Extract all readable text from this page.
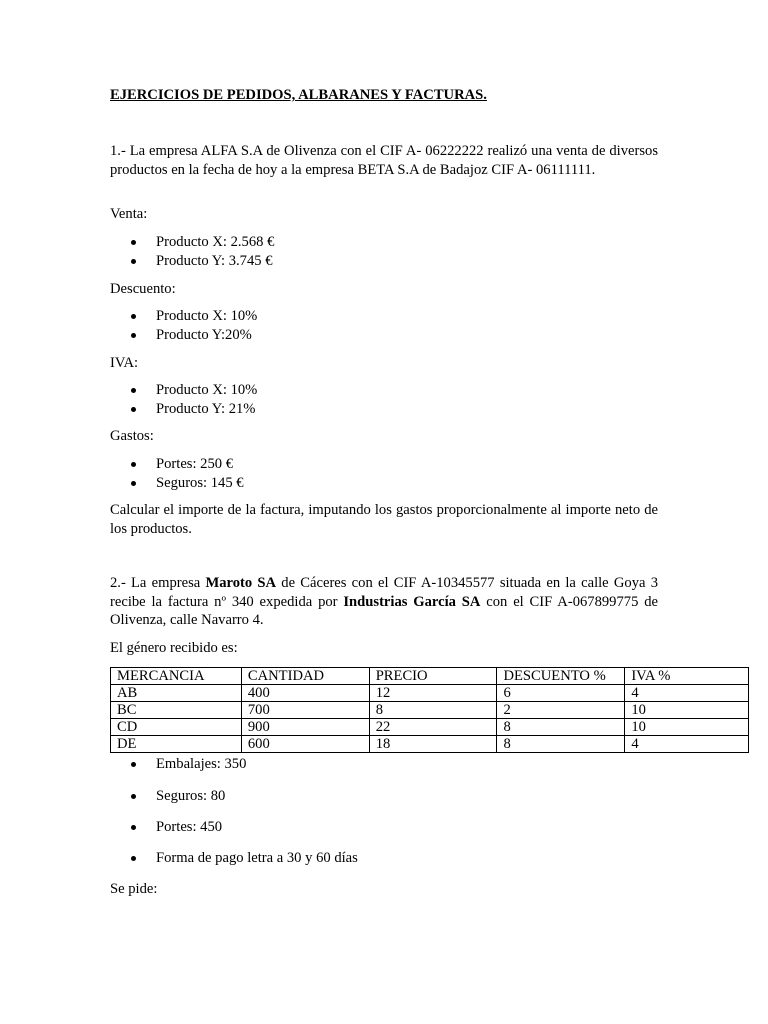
EJERCICIOS DE PEDIDOS, ALBARANES Y FACTURAS.

1.- La empresa ALFA S.A de Olivenza con el CIF A- 06222222 realizó una venta de diversos productos en la fecha de hoy a la empresa BETA S.A de Badajoz CIF A- 06111111.

Venta:
Producto X: 2.568 €
Producto Y: 3.745 €
Descuento:
Producto X: 10%
Producto Y:20%
IVA:
Producto X: 10%
Producto Y: 21%
Gastos:
Portes: 250 €
Seguros: 145 €

Calcular el importe de la factura, imputando los gastos proporcionalmente al importe neto de los productos.

2.- La empresa Maroto SA de Cáceres con el CIF A-10345577 situada en la calle Goya 3 recibe la factura nº 340 expedida por Industrias García SA con el CIF A-067899775 de Olivenza, calle Navarro 4.

El género recibido es:
MERCANCIA	CANTIDAD	PRECIO	DESCUENTO %	IVA %
AB	400	12	6	4
BC	700	8	2	10
CD	900	22	8	10
DE	600	18	8	4
Embalajes: 350
Seguros: 80
Portes: 450
Forma de pago letra a 30 y 60 días
Se pide:
